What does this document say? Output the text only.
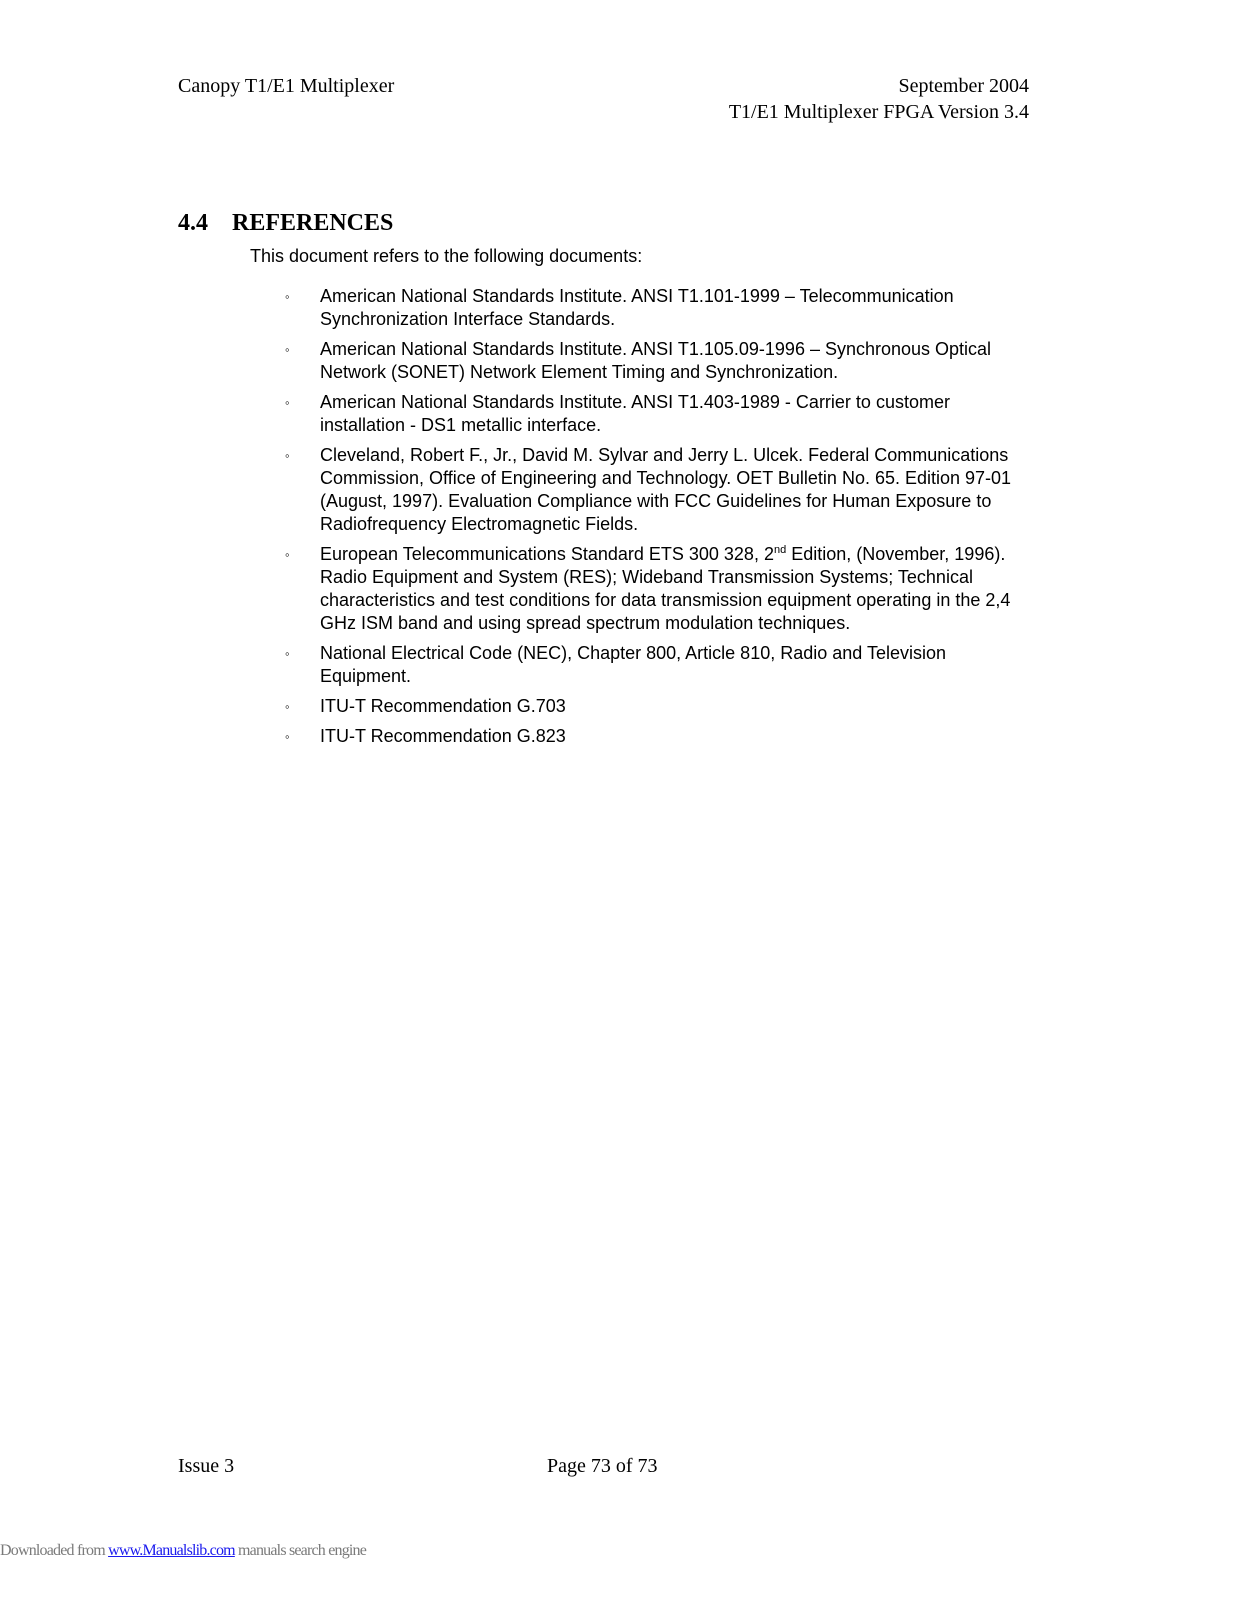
Canopy T1/E1 Multiplexer	September 2004
T1/E1 Multiplexer FPGA Version 3.4
4.4 REFERENCES
This document refers to the following documents:
◦ American National Standards Institute. ANSI T1.101-1999 – Telecommunication Synchronization Interface Standards.
◦ American National Standards Institute. ANSI T1.105.09-1996 – Synchronous Optical Network (SONET) Network Element Timing and Synchronization.
◦ American National Standards Institute. ANSI T1.403-1989 - Carrier to customer installation - DS1 metallic interface.
◦ Cleveland, Robert F., Jr., David M. Sylvar and Jerry L. Ulcek. Federal Communications Commission, Office of Engineering and Technology. OET Bulletin No. 65. Edition 97-01 (August, 1997). Evaluation Compliance with FCC Guidelines for Human Exposure to Radiofrequency Electromagnetic Fields.
◦ European Telecommunications Standard ETS 300 328, 2nd Edition, (November, 1996). Radio Equipment and System (RES); Wideband Transmission Systems; Technical characteristics and test conditions for data transmission equipment operating in the 2,4 GHz ISM band and using spread spectrum modulation techniques.
◦ National Electrical Code (NEC), Chapter 800, Article 810, Radio and Television Equipment.
◦ ITU-T Recommendation G.703
◦ ITU-T Recommendation G.823
Issue 3	Page 73 of 73
Downloaded from www.Manualslib.com manuals search engine
